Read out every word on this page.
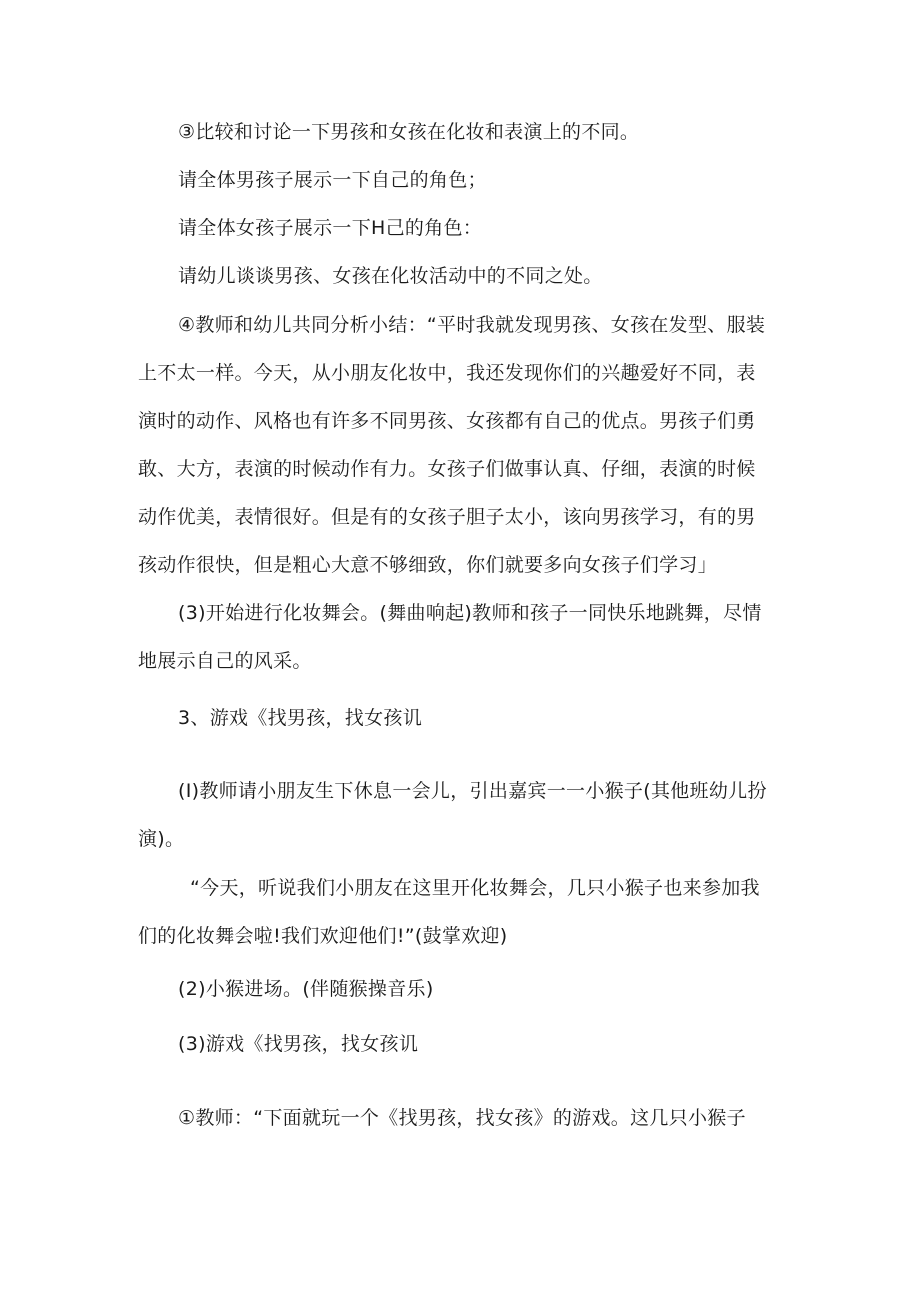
③比较和讨论一下男孩和女孩在化妆和表演上的不同。
请全体男孩子展示一下自己的角色；
请全体女孩子展示一下H己的角色：
请幼儿谈谈男孩、女孩在化妆活动中的不同之处。
④教师和幼儿共同分析小结：“平时我就发现男孩、女孩在发型、服装
上不太一样。今天，从小朋友化妆中，我还发现你们的兴趣爱好不同，表
演时的动作、风格也有许多不同男孩、女孩都有自己的优点。男孩子们勇
敢、大方，表演的时候动作有力。女孩子们做事认真、仔细，表演的时候
动作优美，表情很好。但是有的女孩子胆子太小，该向男孩学习，有的男
孩动作很快，但是粗心大意不够细致，你们就要多向女孩子们学习」
(3)开始进行化妆舞会。(舞曲响起)教师和孩子一同快乐地跳舞，尽情
地展示自己的风采。
3、游戏《找男孩，找女孩讥
(I)教师请小朋友生下休息一会儿，引出嘉宾一一小猴子(其他班幼儿扮
演)。
“今天，听说我们小朋友在这里开化妆舞会，几只小猴子也来参加我
们的化妆舞会啦!我们欢迎他们!”(鼓掌欢迎)
(2)小猴进场。(伴随猴操音乐)
(3)游戏《找男孩，找女孩讥
①教师：“下面就玩一个《找男孩，找女孩》的游戏。这几只小猴子
